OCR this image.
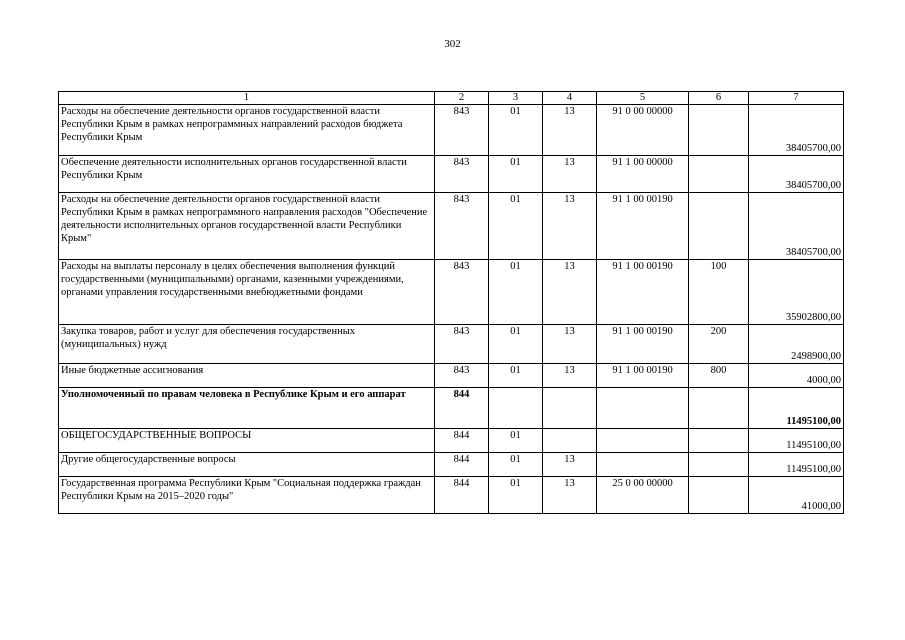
302
1	2	3	4	5	6	7
Расходы на обеспечение деятельности органов государственной власти Республики Крым в рамках непрограммных направлений расходов бюджета Республики Крым	843	01	13	91 0 00 00000		38405700,00
Обеспечение деятельности исполнительных органов государственной власти Республики Крым	843	01	13	91 1 00 00000		38405700,00
Расходы на обеспечение деятельности органов государственной власти Республики Крым в рамках непрограммного направления расходов "Обеспечение деятельности исполнительных органов государственной власти Республики Крым"	843	01	13	91 1 00 00190		38405700,00
Расходы на выплаты персоналу в целях обеспечения выполнения функций государственными (муниципальными) органами, казенными учреждениями, органами управления государственными внебюджетными фондами	843	01	13	91 1 00 00190	100	35902800,00
Закупка товаров, работ и услуг для обеспечения государственных (муниципальных) нужд	843	01	13	91 1 00 00190	200	2498900,00
Иные бюджетные ассигнования	843	01	13	91 1 00 00190	800	4000,00
Уполномоченный по правам человека в Республике Крым и его аппарат	844					11495100,00
ОБЩЕГОСУДАРСТВЕННЫЕ ВОПРОСЫ	844	01				11495100,00
Другие общегосударственные вопросы	844	01	13			11495100,00
Государственная программа Республики Крым "Социальная поддержка граждан Республики Крым на 2015–2020 годы"	844	01	13	25 0 00 00000		41000,00
